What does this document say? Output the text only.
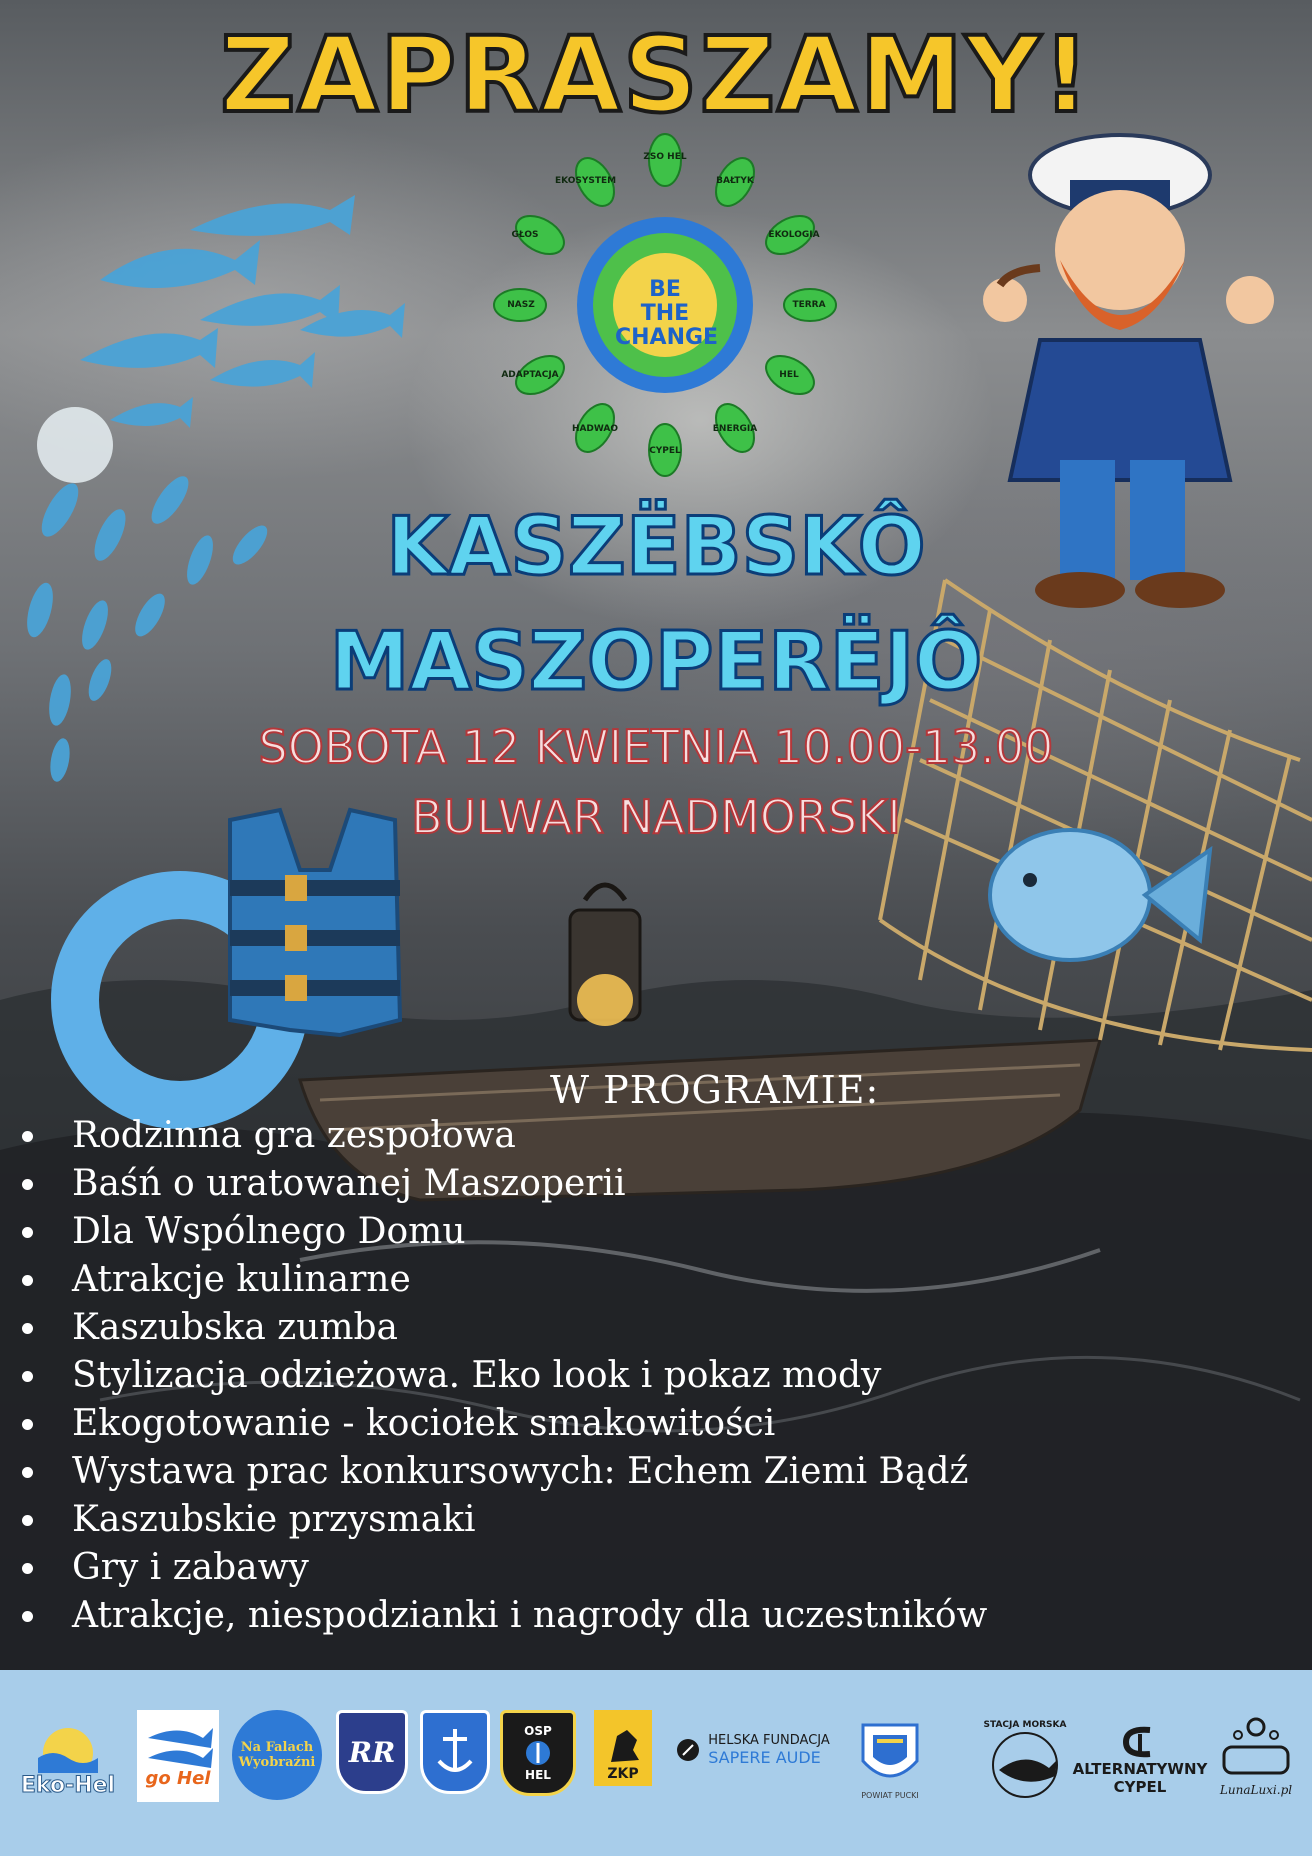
BE
THE
CHANGE
ZSO HEL
BAŁTYK
EKOLOGIA
TERRA
HEL
ENERGIA
CYPEL
HADWAO
ADAPTACJA
NASZ
GŁOS
EKOSYSTEM
ZAPRASZAMY!
KASZËBSKÔ
MASZOPERËJÔ
SOBOTA 12 KWIETNIA 10.00-13.00
BULWAR NADMORSKI
W PROGRAMIE:
Rodzinna gra zespołowa
Baśń o uratowanej Maszoperii
Dla Wspólnego Domu
Atrakcje kulinarne
Kaszubska zumba
Stylizacja odzieżowa. Eko look i pokaz mody
Ekogotowanie - kociołek smakowitości
Wystawa prac konkursowych: Echem Ziemi Bądź
Kaszubskie przysmaki
Gry i zabawy
Atrakcje, niespodzianki i nagrody dla uczestników
Eko-Hel go Hel
Na Falach Wyobraźni RR
OSP
HEL	ZKP
HELSKA FUNDACJA
SAPERE AUDE
POWIAT PUCKI
STACJA MORSKA
ALTERNATYWNY
CYPEL	LunaLuxi.pl
